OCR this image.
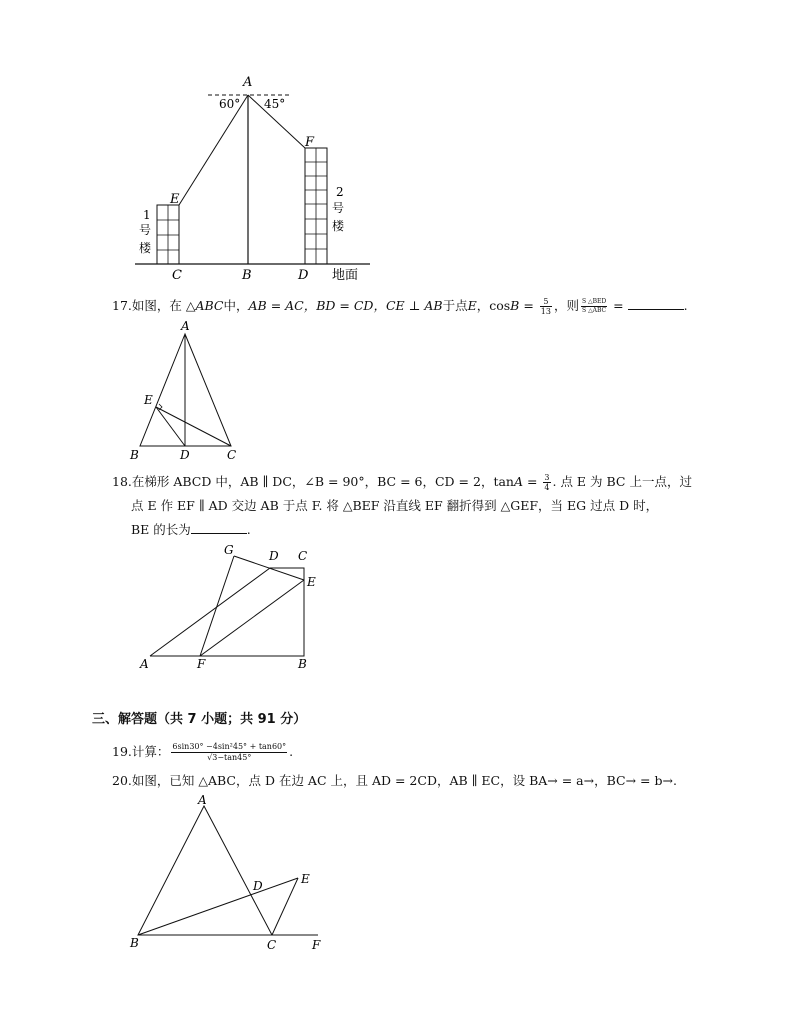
A
60° 45°
E
F
C	B	D 地面
1 号楼
2 号楼
17.如图，在 △ABC中，AB = AC，BD = CD，CE ⊥ AB于点E，$\cos B = \frac{5}{13}$ ，则 $\frac{\text{S △BED}}{\text{S △ABC}}$ =	.
A
E
B	D	C
18.在梯形 ABCD 中，AB ∥ DC，∠B = 90°，BC = 6，CD = 2，$\tan A = \frac{3}{4}$ . 点 E 为 BC 上一点，过
点 E 作 EF ∥ AD 交边 AB 于点 F. 将 △BEF 沿直线 EF 翻折得到 △GEF，当 EG 过点 D 时，
BE 的长为	.
G	D C
E
A	F	B
三、解答题（共 7 小题；共 91 分）
19.计算： $\frac{\text{6sin30° −4sin²45° + tan60°}}{√3-\tan 45^\circ}$ .
20.如图，已知 △ABC，点 D 在边 AC 上，且 AD = 2CD，AB ∥ EC，设 BA→ = a→，BC→ = b→.
A
B	C
D	E
F
